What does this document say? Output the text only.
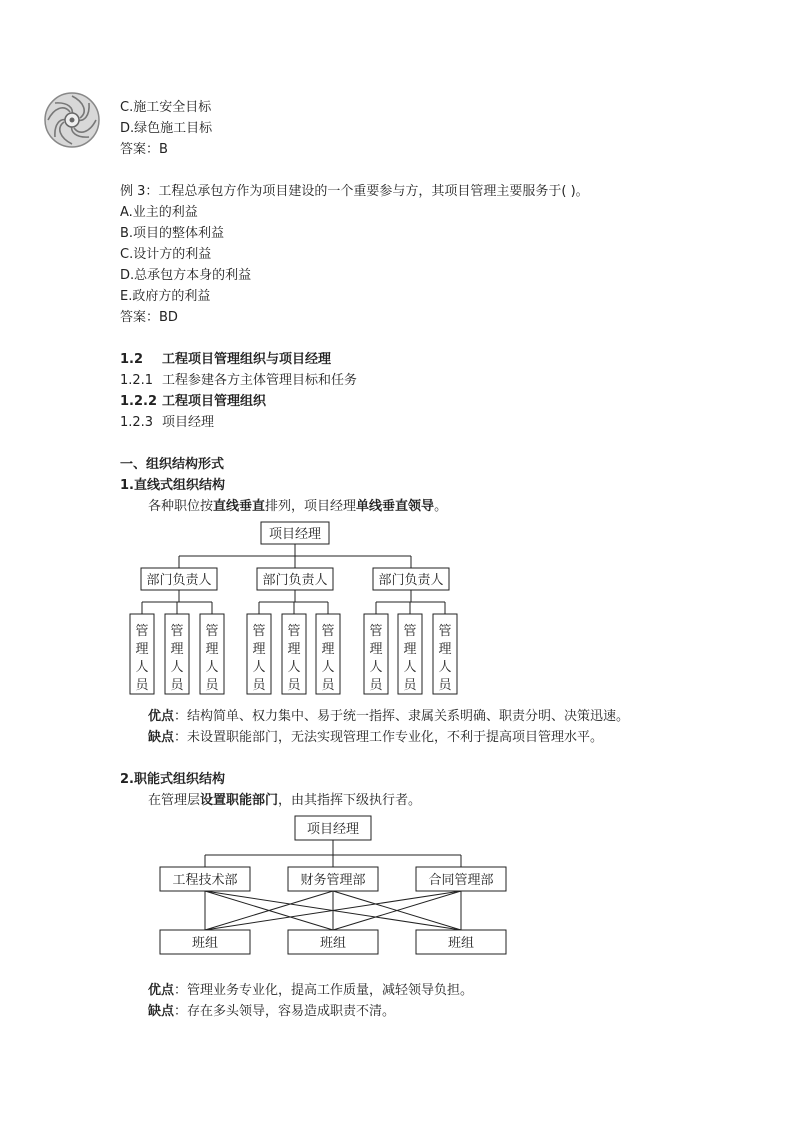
C.施工安全目标
D.绿色施工目标
答案：B
例 3：工程总承包方作为项目建设的一个重要参与方，其项目管理主要服务于( )。
A.业主的利益
B.项目的整体利益
C.设计方的利益
D.总承包方本身的利益
E.政府方的利益
答案：BD
1.2 工程项目管理组织与项目经理
1.2.1 工程参建各方主体管理目标和任务
1.2.2 工程项目管理组织
1.2.3 项目经理
一、组织结构形式
1.直线式组织结构
各种职位按直线垂直排列，项目经理单线垂直领导。
项目经理
部门负责人	部门负责人	部门负责人
管
理
人
员
管
理
人
员
管
理
人
员
管
理
人
员
管
理
人
员
管
理
人
员
管
理
人
员
管
理
人
员
管
理
人
员
优点：结构简单、权力集中、易于统一指挥、隶属关系明确、职责分明、决策迅速。
缺点：未设置职能部门，无法实现管理工作专业化，不利于提高项目管理水平。
2.职能式组织结构
在管理层设置职能部门，由其指挥下级执行者。
项目经理
工程技术部	财务管理部	合同管理部
班组	班组	班组
优点：管理业务专业化，提高工作质量，减轻领导负担。
缺点：存在多头领导，容易造成职责不清。
